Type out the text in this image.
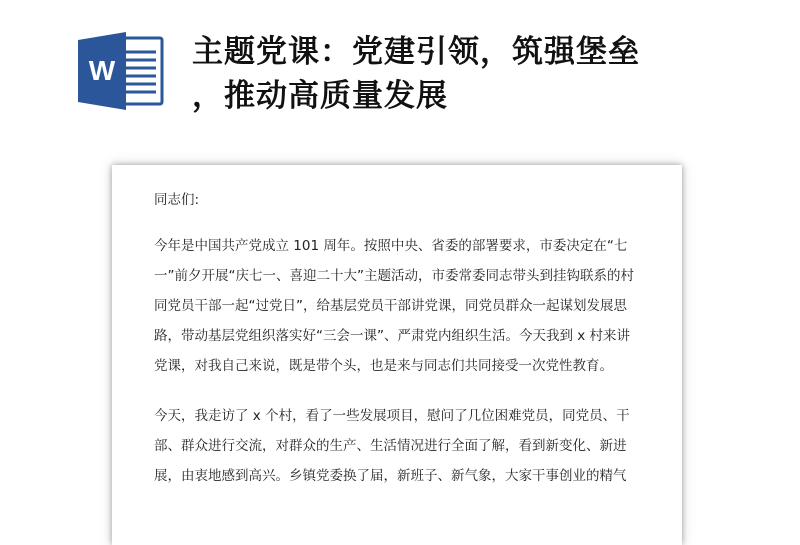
W
主题党课：党建引领，筑强堡垒
，推动高质量发展
同志们:
今年是中国共产党成立 101 周年。按照中央、省委的部署要求，市委决定在“七
一”前夕开展“庆七一、喜迎二十大”主题活动，市委常委同志带头到挂钩联系的村
同党员干部一起“过党日”，给基层党员干部讲党课，同党员群众一起谋划发展思
路，带动基层党组织落实好“三会一课”、严肃党内组织生活。今天我到 x 村来讲
党课，对我自己来说，既是带个头，也是来与同志们共同接受一次党性教育。
今天，我走访了 x 个村，看了一些发展项目，慰问了几位困难党员，同党员、干
部、群众进行交流，对群众的生产、生活情况进行全面了解，看到新变化、新进
展，由衷地感到高兴。乡镇党委换了届，新班子、新气象，大家干事创业的精气
